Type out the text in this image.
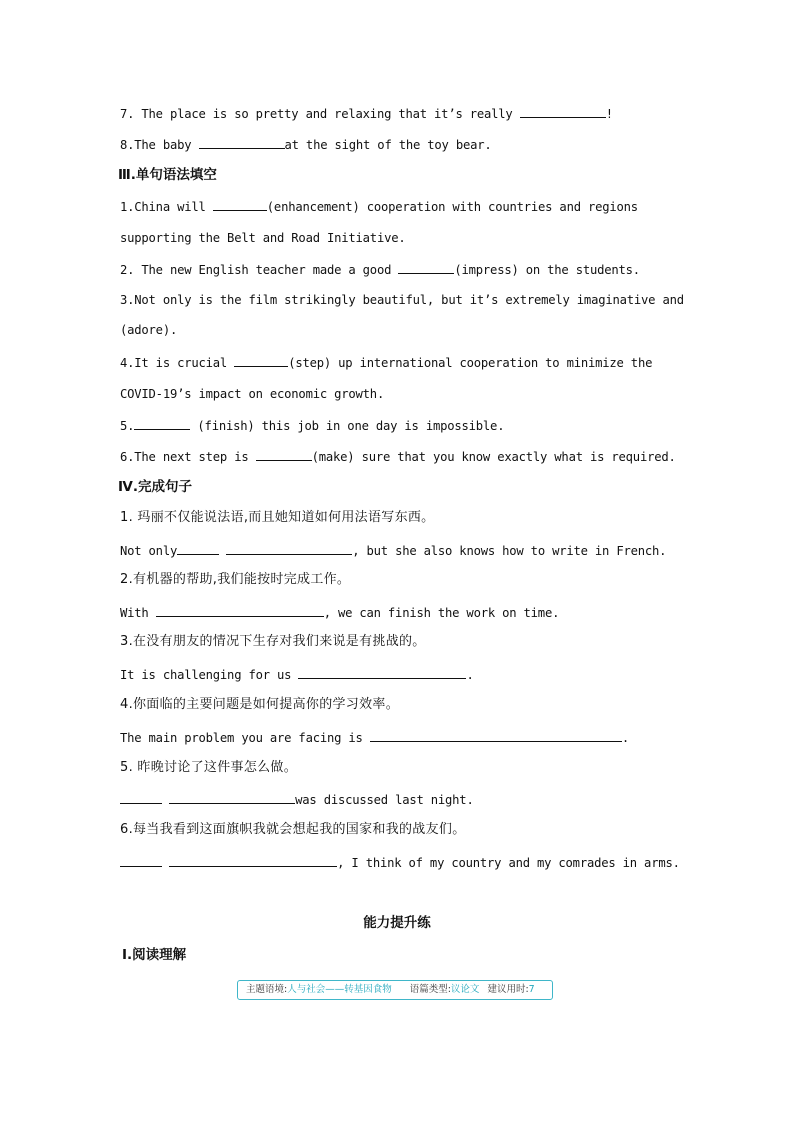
7. The place is so pretty and relaxing that it’s really	!
8.The baby	at the sight of the toy bear.
Ⅲ.单句语法填空
1.China will	(enhancement) cooperation with countries and regions
supporting the Belt and Road Initiative.
2. The new English teacher made a good	(impress) on the students.
3.Not only is the film strikingly beautiful, but it’s extremely imaginative and
(adore).
4.It is crucial	(step) up international cooperation to minimize the
COVID-19’s impact on economic growth.
5.	(finish) this job in one day is impossible.
6.The next step is	(make) sure that you know exactly what is required.
Ⅳ.完成句子
1. 玛丽不仅能说法语,而且她知道如何用法语写东西。
Not only	, but she also knows how to write in French.
2.有机器的帮助,我们能按时完成工作。
With	, we can finish the work on time.
3.在没有朋友的情况下生存对我们来说是有挑战的。
It is challenging for us	.
4.你面临的主要问题是如何提高你的学习效率。
The main problem you are facing is	.
5. 昨晚讨论了这件事怎么做。
was discussed last night.
6.每当我看到这面旗帜我就会想起我的国家和我的战友们。
, I think of my country and my comrades in arms.
能力提升练
Ⅰ.阅读理解
主题语境:人与社会——转基因食物 语篇类型:议论文 建议用时:7
